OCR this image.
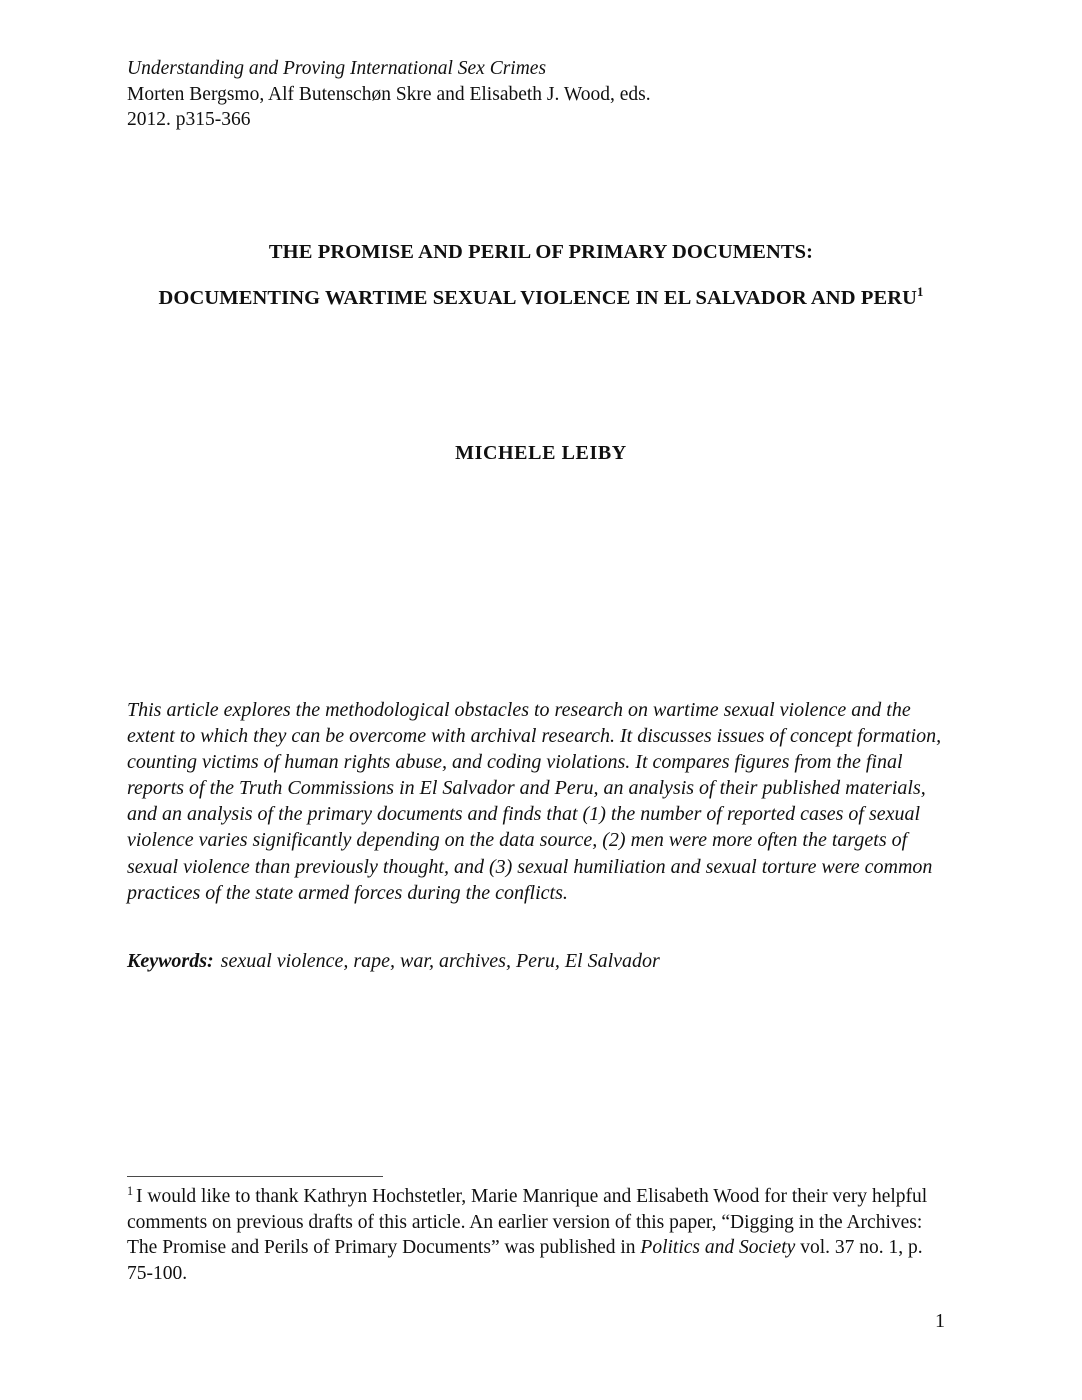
Understanding and Proving International Sex Crimes
Morten Bergsmo, Alf Butenschøn Skre and Elisabeth J. Wood, eds.
2012. p315-366
THE PROMISE AND PERIL OF PRIMARY DOCUMENTS:
DOCUMENTING WARTIME SEXUAL VIOLENCE IN EL SALVADOR AND PERU$^1$
MICHELE LEIBY
This article explores the methodological obstacles to research on wartime sexual violence and the extent to which they can be overcome with archival research. It discusses issues of concept formation, counting victims of human rights abuse, and coding violations. It compares figures from the final reports of the Truth Commissions in El Salvador and Peru, an analysis of their published materials, and an analysis of the primary documents and finds that (1) the number of reported cases of sexual violence varies significantly depending on the data source, (2) men were more often the targets of sexual violence than previously thought, and (3) sexual humiliation and sexual torture were common practices of the state armed forces during the conflicts.
Keywords: sexual violence, rape, war, archives, Peru, El Salvador
$^1$ I would like to thank Kathryn Hochstetler, Marie Manrique and Elisabeth Wood for their very helpful comments on previous drafts of this article. An earlier version of this paper, “Digging in the Archives: The Promise and Perils of Primary Documents” was published in Politics and Society vol. 37 no. 1, p. 75-100.
1
